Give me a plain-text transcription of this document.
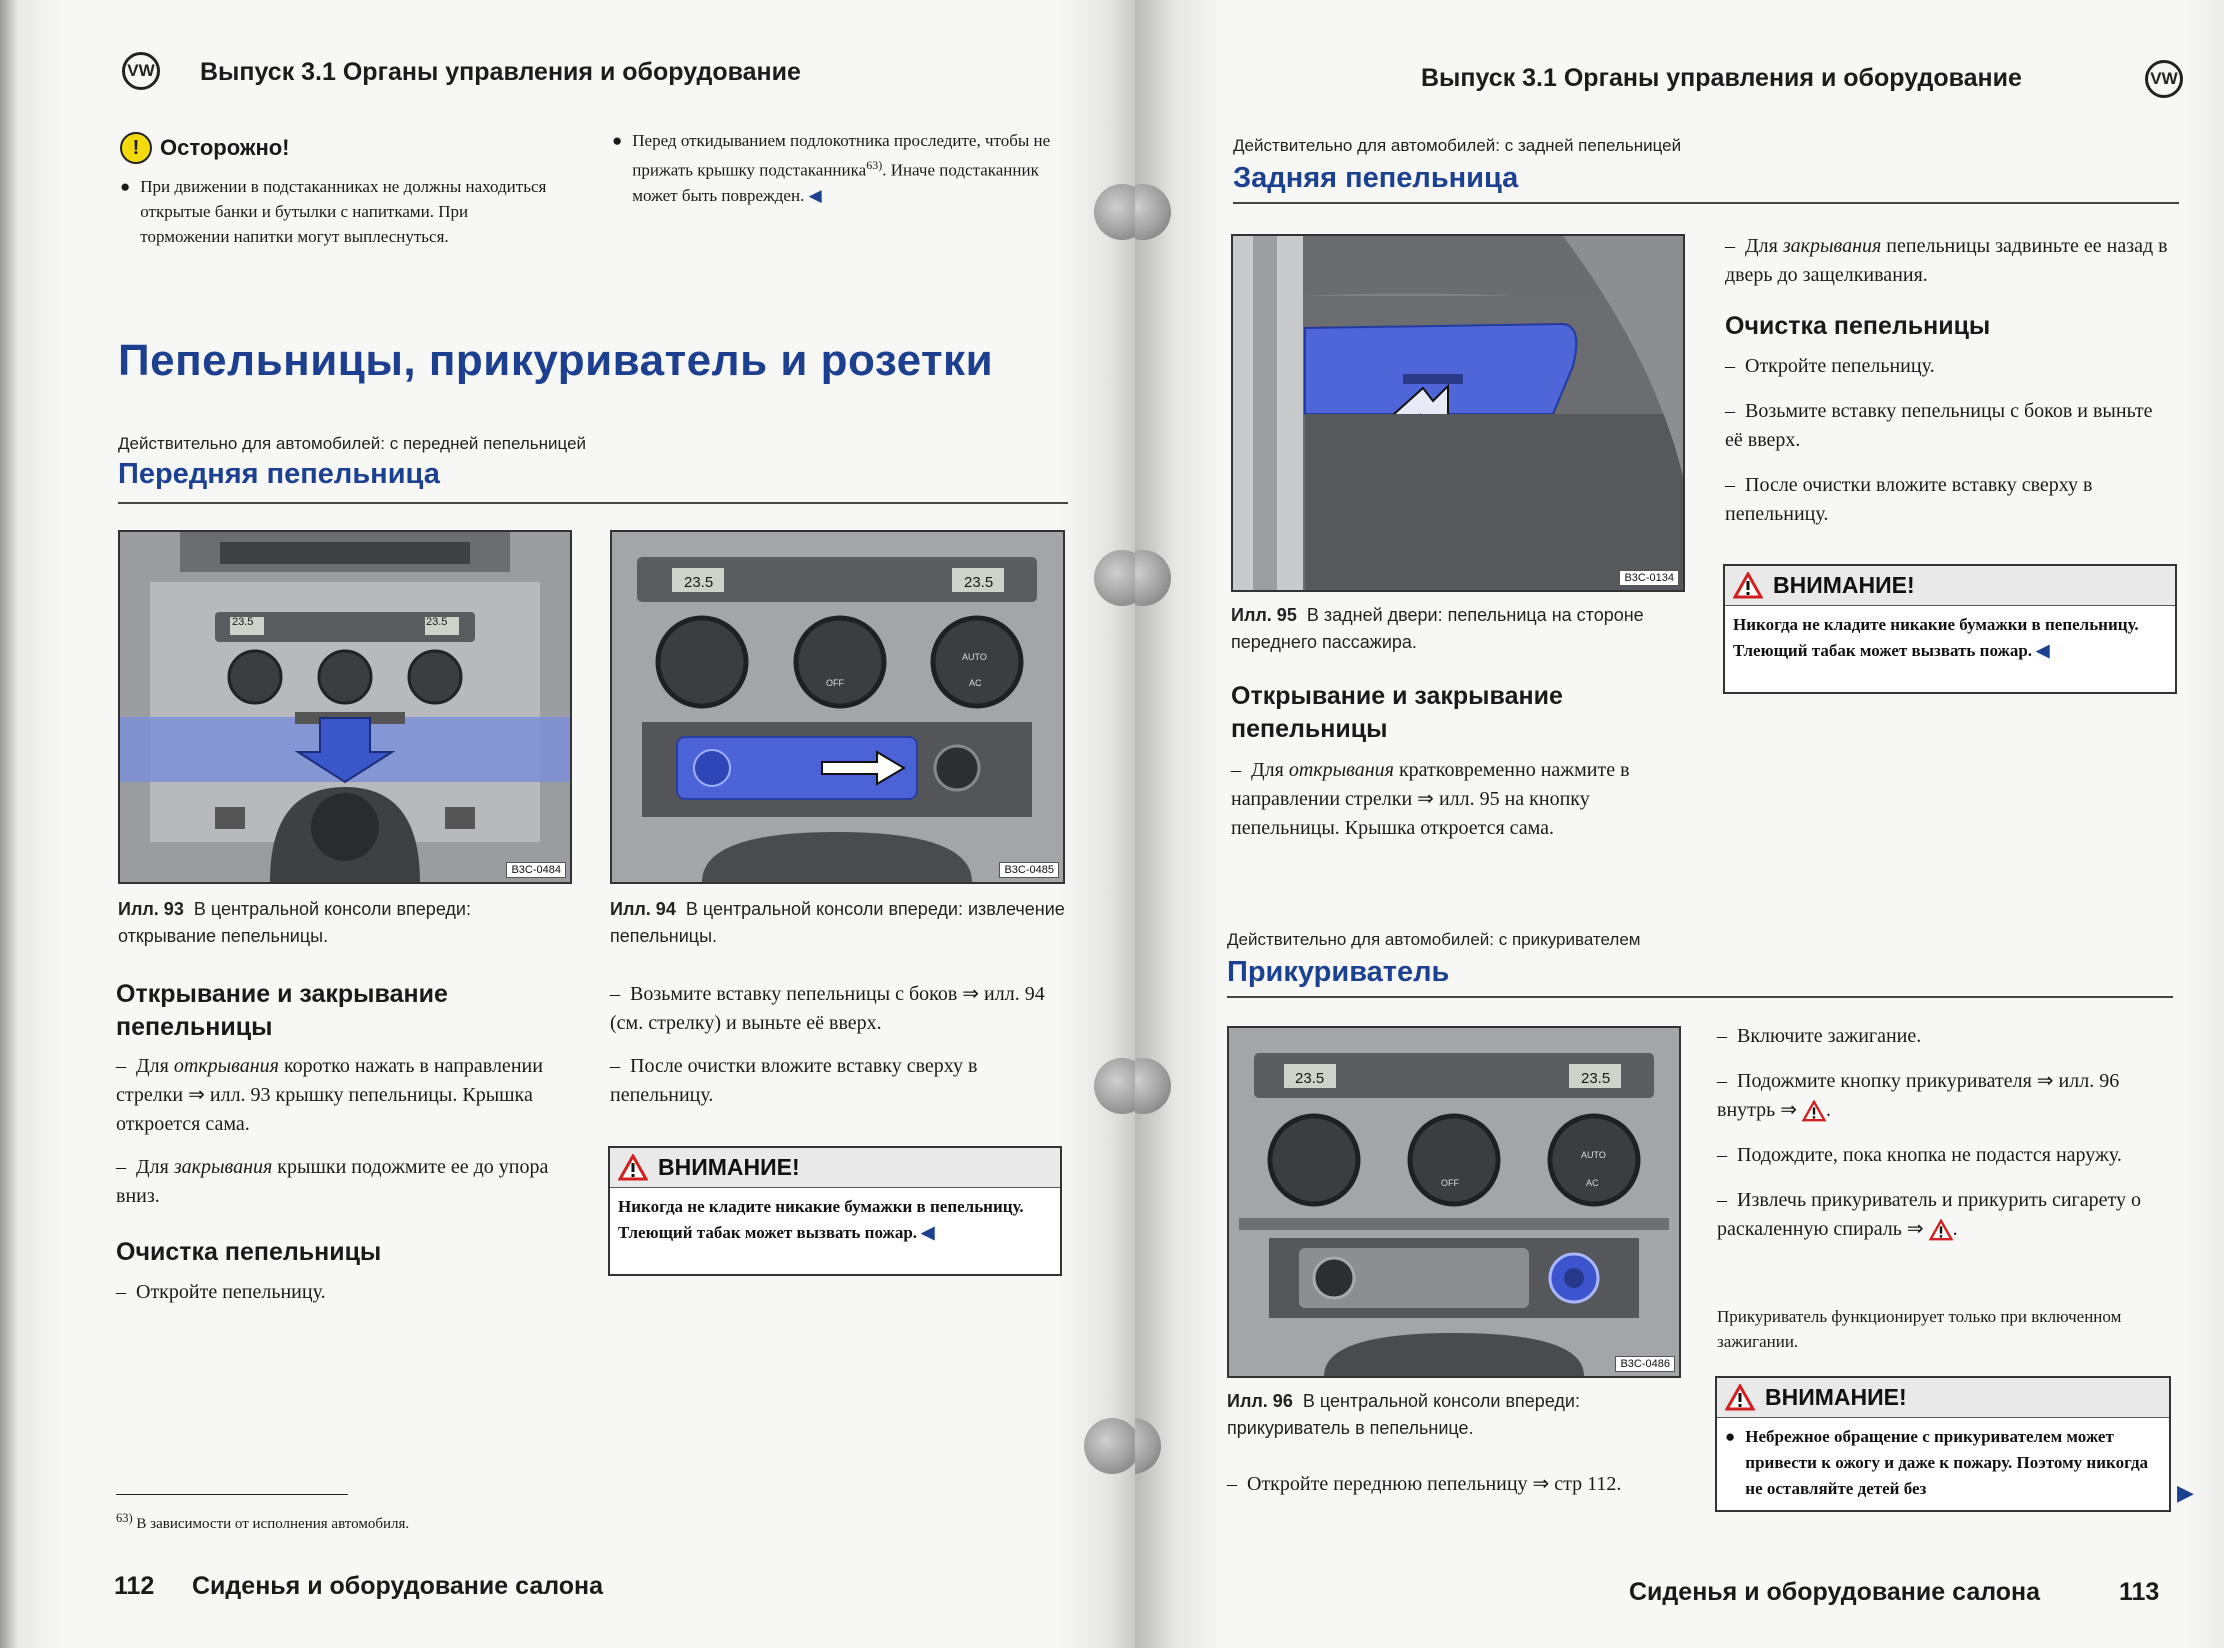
VW Выпуск 3.1 Органы управления и оборудование
! Осторожно!
● При движении в подстаканниках не должны находиться открытые банки и бутылки с напитками. При торможении напитки могут выплеснуться.
● Перед откидыванием подлокотника проследите, чтобы не прижать крышку подстаканника$^{63)}$. Иначе подстаканник может быть поврежден. ◀
Пепельницы, прикуриватель и розетки
Действительно для автомобилей: с передней пепельницей
Передняя пепельница
B3C-0484
23.5	23.5
B3C-0485
23.5	23.5
OFF
AUTO
AC
Илл. 93 В центральной консоли впереди: открывание пепельницы.
Илл. 94 В центральной консоли впереди: извлечение пепельницы.
Открывание и закрывание пепельницы
–  Для открывания коротко нажать в направлении стрелки ⇒ илл. 93 крышку пепельницы. Крышка откроется сама.
–  Для закрывания крышки подожмите ее до упора вниз.
Очистка пепельницы
–  Откройте пепельницу.
–  Возьмите вставку пепельницы с боков ⇒ илл. 94 (см. стрелку) и выньте её вверх.
–  После очистки вложите вставку сверху в пепельницу.
ВНИМАНИЕ!
Никогда не кладите никакие бумажки в пепельницу. Тлеющий табак может вызвать пожар. ◀
$^{63)}$ В зависимости от исполнения автомобиля.
112 Сиденья и оборудование салона
Выпуск 3.1 Органы управления и оборудование	VW
Действительно для автомобилей: с задней пепельницей
Задняя пепельница
B3C-0134
Илл. 95 В задней двери: пепельница на стороне переднего пассажира.
Открывание и закрывание пепельницы
–  Для открывания кратковременно нажмите в направлении стрелки ⇒ илл. 95 на кнопку пепельницы. Крышка откроется сама.
–  Для закрывания пепельницы задвиньте ее назад в дверь до защелкивания.
Очистка пепельницы
–  Откройте пепельницу.
–  Возьмите вставку пепельницы с боков и выньте её вверх.
–  После очистки вложите вставку сверху в пепельницу.
ВНИМАНИЕ!
Никогда не кладите никакие бумажки в пепельницу. Тлеющий табак может вызвать пожар. ◀
Действительно для автомобилей: с прикуривателем
Прикуриватель
B3C-0486
23.5	23.5
OFF
AUTO
AC
Илл. 96 В центральной консоли впереди: прикуриватель в пепельнице.
–  Откройте переднюю пепельницу ⇒ стр 112.
–  Включите зажигание.
–  Подожмите кнопку прикуривателя ⇒ илл. 96 внутрь ⇒ .
–  Подождите, пока кнопка не подастся наружу.
–  Извлечь прикуриватель и прикурить сигарету о раскаленную спираль ⇒ .
Прикуриватель функционирует только при включенном зажигании.
ВНИМАНИЕ!
● Небрежное обращение с прикуривателем может привести к ожогу и даже к пожару. Поэтому никогда не оставляйте детей без	▶
Сиденья и оборудование салона	113
